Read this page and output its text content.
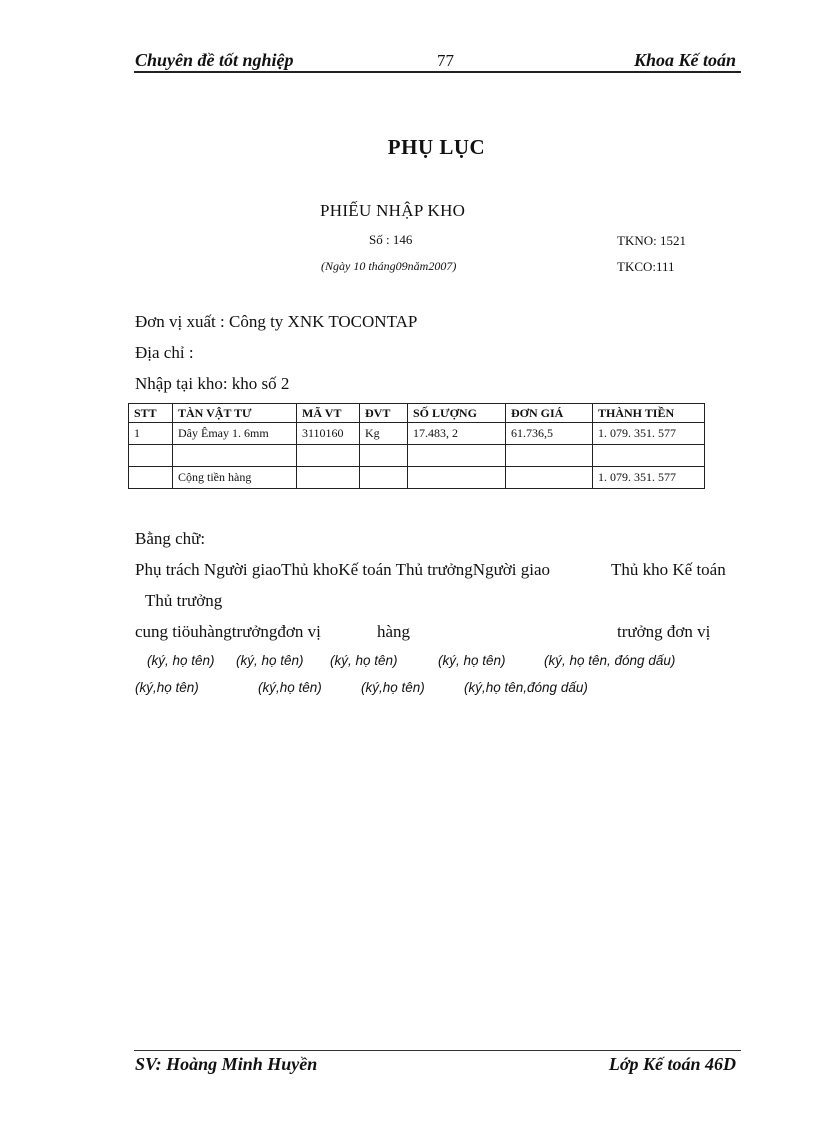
Chuyên đề tốt nghiệp	77	Khoa Kế toán
PHỤ LỤC
PHIẾU NHẬP KHO
Số : 146	TKNO: 1521
(Ngày 10 tháng09năm2007)	TKCO:111
Đơn vị xuất : Công ty XNK TOCONTAP
Địa chỉ :
Nhập tại kho: kho số 2
STT	TÀN VẬT TƯ	MÃ VT	ĐVT	SỐ LƯỢNG	ĐƠN GIÁ	THÀNH TIỀN
1	Dây Êmay 1. 6mm	3110160	Kg	17.483, 2	61.736,5	1. 079. 351. 577

	Cộng tiền hàng					1. 079. 351. 577
Bằng chữ:
Phụ trách Người giaoThủ khoKế toán Thủ trưởngNgười giao	Thủ kho Kế toán
Thủ trưởng
cung tiöuhàngtrưởngđơn vị	hàng	trưởng đơn vị
(ký, họ tên) (ký, họ tên) (ký, họ tên)	(ký, họ tên)	(ký, họ tên, đóng dấu)
(ký,họ tên)	(ký,họ tên)	(ký,họ tên)	(ký,họ tên,đóng dấu)
SV: Hoàng Minh Huyền	Lớp Kế toán 46D
